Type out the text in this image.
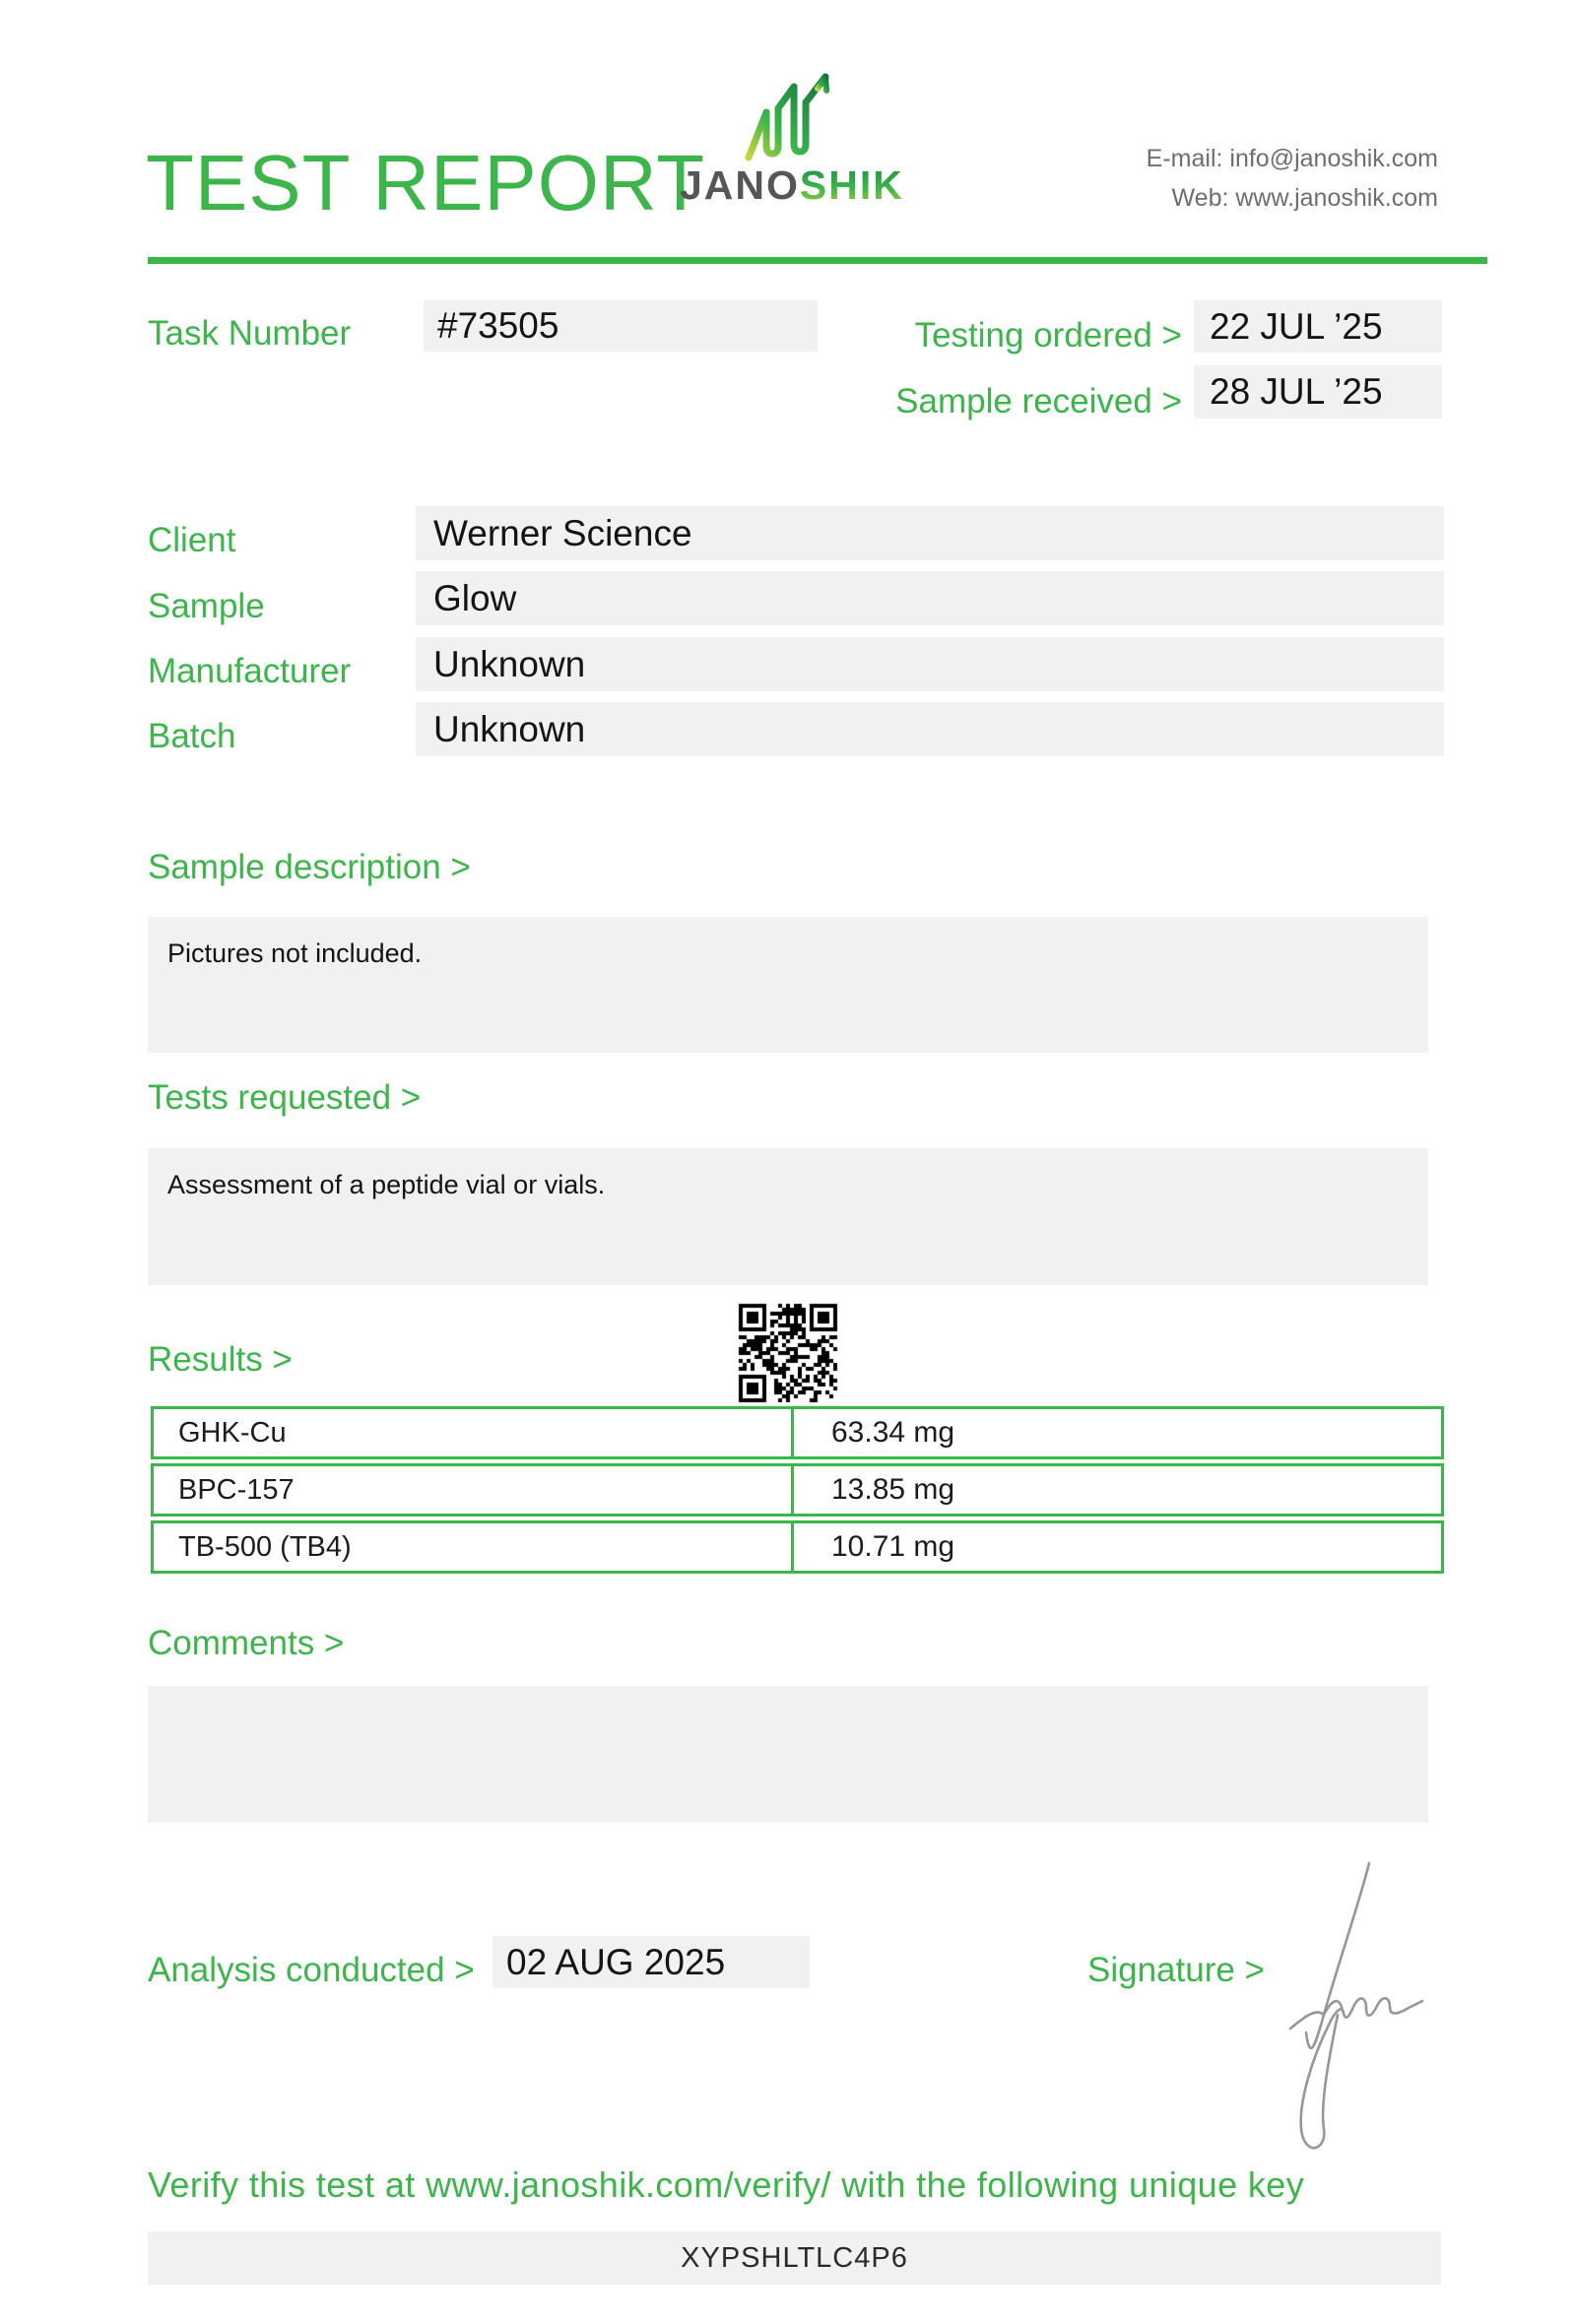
TEST REPORT
JANOSHIK
E-mail: info@janoshik.com
Web: www.janoshik.com
Task Number	#73505	Testing ordered > 22 JUL ’25
Sample received > 28 JUL ’25
Client	Werner Science
Sample	Glow
Manufacturer	Unknown
Batch	Unknown
Sample description >
Pictures not included.
Tests requested >
Assessment of a peptide vial or vials.
Results >
GHK-Cu	63.34 mg
BPC-157	13.85 mg
TB-500 (TB4)	10.71 mg
Comments >
Analysis conducted > 02 AUG 2025	Signature >
Verify this test at www.janoshik.com/verify/ with the following unique key
XYPSHLTLC4P6
